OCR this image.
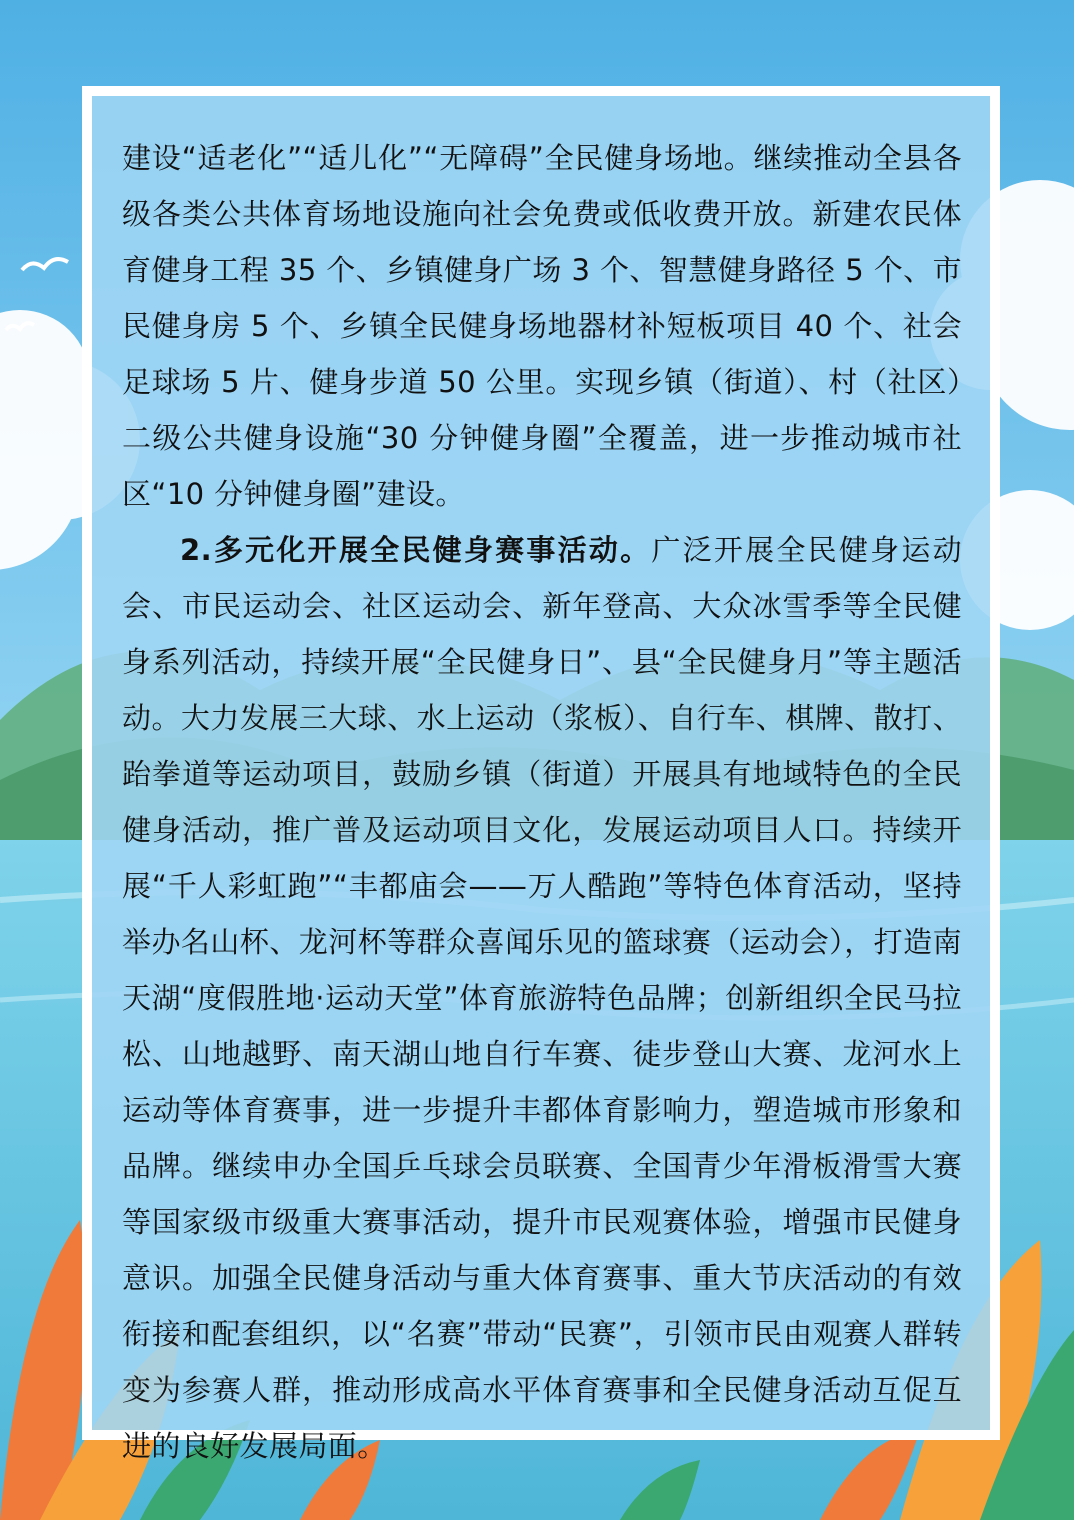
建设“适老化”“适儿化”“无障碍”全民健身场地。继续推动全县各级各类公共体育场地设施向社会免费或低收费开放。新建农民体育健身工程 35 个、乡镇健身广场 3 个、智慧健身路径 5 个、市民健身房 5 个、乡镇全民健身场地器材补短板项目 40 个、社会足球场 5 片、健身步道 50 公里。实现乡镇（街道）、村（社区）二级公共健身设施“30 分钟健身圈”全覆盖，进一步推动城市社区“10 分钟健身圈”建设。

2.多元化开展全民健身赛事活动。广泛开展全民健身运动会、市民运动会、社区运动会、新年登高、大众冰雪季等全民健身系列活动，持续开展“全民健身日”、县“全民健身月”等主题活动。大力发展三大球、水上运动（浆板）、自行车、棋牌、散打、跆拳道等运动项目，鼓励乡镇（街道）开展具有地域特色的全民健身活动，推广普及运动项目文化，发展运动项目人口。持续开展“千人彩虹跑”“丰都庙会——万人酷跑”等特色体育活动，坚持举办名山杯、龙河杯等群众喜闻乐见的篮球赛（运动会），打造南天湖“度假胜地·运动天堂”体育旅游特色品牌；创新组织全民马拉松、山地越野、南天湖山地自行车赛、徒步登山大赛、龙河水上运动等体育赛事，进一步提升丰都体育影响力，塑造城市形象和品牌。继续申办全国乒乓球会员联赛、全国青少年滑板滑雪大赛等国家级市级重大赛事活动，提升市民观赛体验，增强市民健身意识。加强全民健身活动与重大体育赛事、重大节庆活动的有效衔接和配套组织，以“名赛”带动“民赛”，引领市民由观赛人群转变为参赛人群，推动形成高水平体育赛事和全民健身活动互促互进的良好发展局面。
